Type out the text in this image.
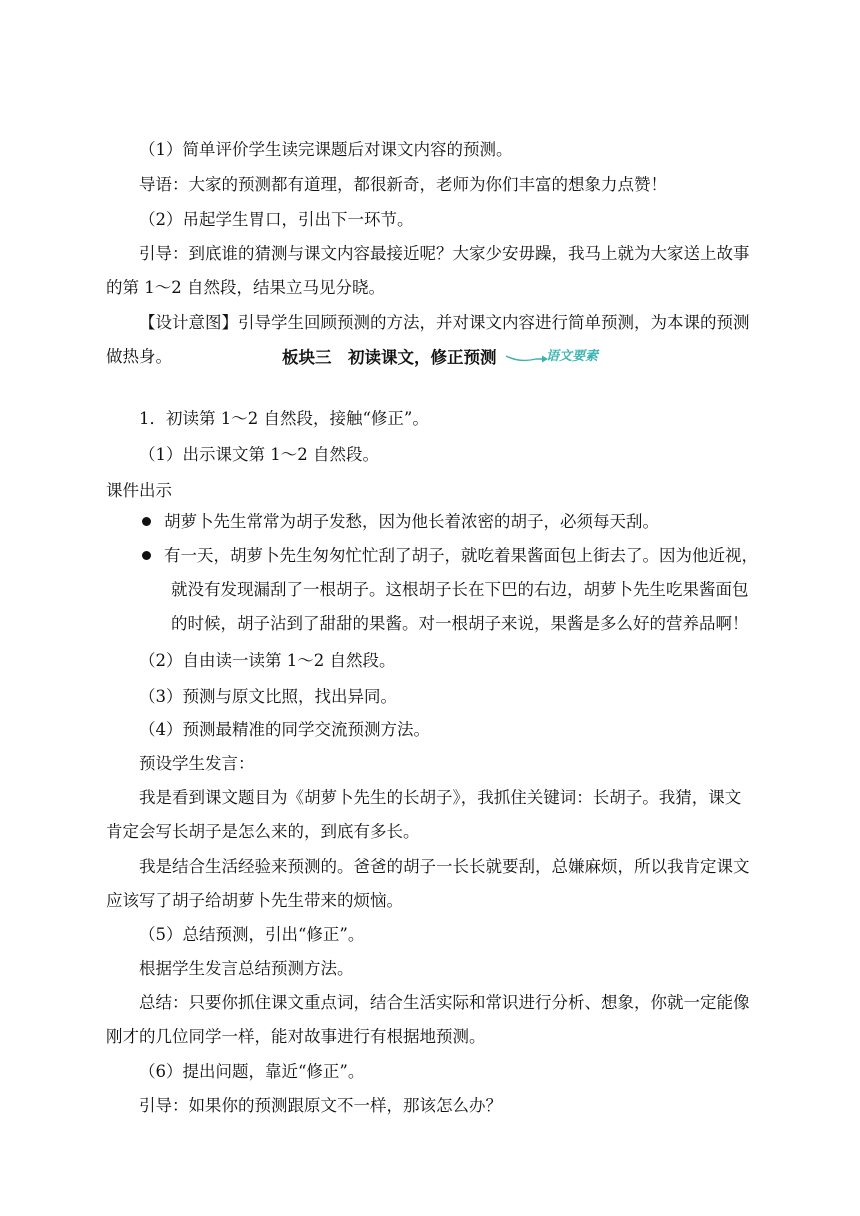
（1）简单评价学生读完课题后对课文内容的预测。
导语：大家的预测都有道理，都很新奇，老师为你们丰富的想象力点赞！
（2）吊起学生胃口，引出下一环节。
引导：到底谁的猜测与课文内容最接近呢？大家少安毋躁，我马上就为大家送上故事
的第 1～2 自然段，结果立马见分晓。
【设计意图】引导学生回顾预测的方法，并对课文内容进行简单预测，为本课的预测
做热身。	板块三　初读课文，修正预测	语文要素
1．初读第 1～2 自然段，接触“修正”。
（1）出示课文第 1～2 自然段。
课件出示
胡萝卜先生常常为胡子发愁，因为他长着浓密的胡子，必须每天刮。
有一天，胡萝卜先生匆匆忙忙刮了胡子，就吃着果酱面包上街去了。因为他近视，
就没有发现漏刮了一根胡子。这根胡子长在下巴的右边，胡萝卜先生吃果酱面包
的时候，胡子沾到了甜甜的果酱。对一根胡子来说，果酱是多么好的营养品啊！
（2）自由读一读第 1～2 自然段。
（3）预测与原文比照，找出异同。
（4）预测最精准的同学交流预测方法。
预设学生发言：
我是看到课文题目为《胡萝卜先生的长胡子》，我抓住关键词：长胡子。我猜，课文
肯定会写长胡子是怎么来的，到底有多长。
我是结合生活经验来预测的。爸爸的胡子一长长就要刮，总嫌麻烦，所以我肯定课文
应该写了胡子给胡萝卜先生带来的烦恼。
（5）总结预测，引出“修正”。
根据学生发言总结预测方法。
总结：只要你抓住课文重点词，结合生活实际和常识进行分析、想象，你就一定能像
刚才的几位同学一样，能对故事进行有根据地预测。
（6）提出问题，靠近“修正”。
引导：如果你的预测跟原文不一样，那该怎么办？
